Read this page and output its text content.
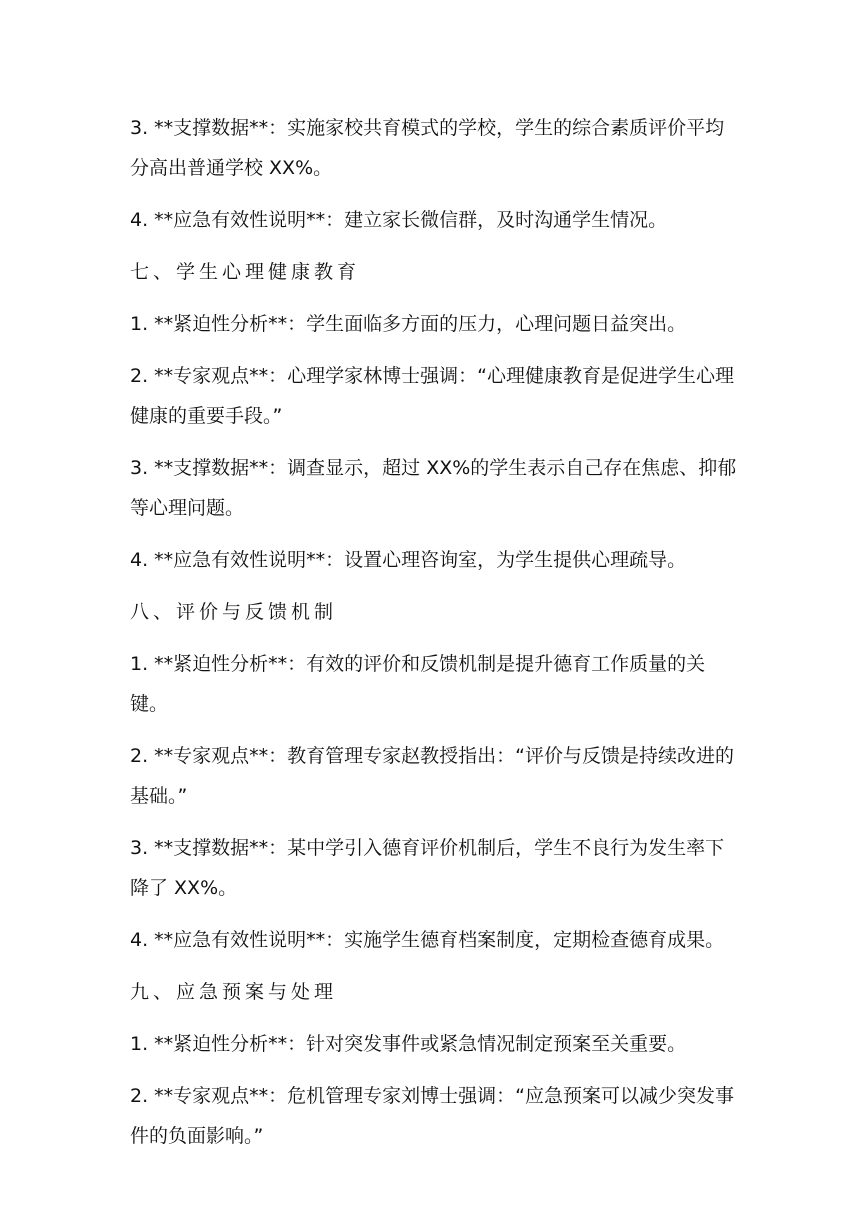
3. **支撑数据**：实施家校共育模式的学校，学生的综合素质评价平均分高出普通学校 XX%。

4. **应急有效性说明**：建立家长微信群，及时沟通学生情况。

七、学生心理健康教育

1. **紧迫性分析**：学生面临多方面的压力，心理问题日益突出。

2. **专家观点**：心理学家林博士强调：“心理健康教育是促进学生心理健康的重要手段。”

3. **支撑数据**：调查显示，超过 XX%的学生表示自己存在焦虑、抑郁等心理问题。

4. **应急有效性说明**：设置心理咨询室，为学生提供心理疏导。

八、评价与反馈机制

1. **紧迫性分析**：有效的评价和反馈机制是提升德育工作质量的关键。

2. **专家观点**：教育管理专家赵教授指出：“评价与反馈是持续改进的基础。”

3. **支撑数据**：某中学引入德育评价机制后，学生不良行为发生率下降了 XX%。

4. **应急有效性说明**：实施学生德育档案制度，定期检查德育成果。

九、应急预案与处理

1. **紧迫性分析**：针对突发事件或紧急情况制定预案至关重要。

2. **专家观点**：危机管理专家刘博士强调：“应急预案可以减少突发事件的负面影响。”
